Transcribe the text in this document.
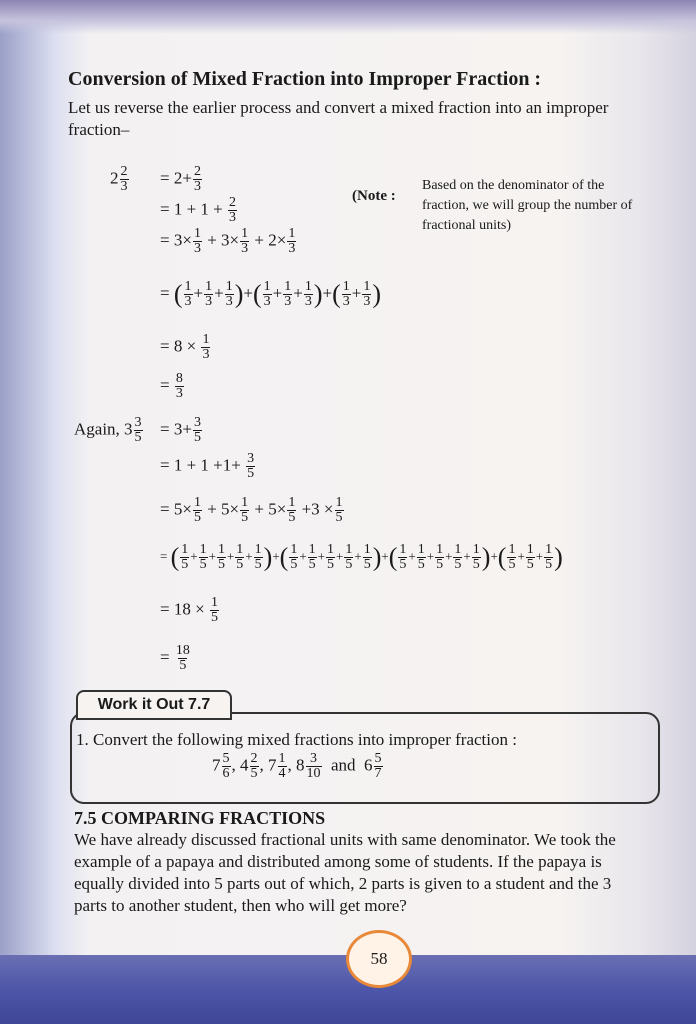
Conversion of Mixed Fraction into Improper Fraction :
Let us reverse the earlier process and convert a mixed fraction into an improper
fraction–
$2 \frac{2}{3} = 2+ \frac{2}{3}$
= $1 + 1 + \frac{2}{3}$
= $3\times \frac{1}{3} + 3\times \frac{1}{3} + 2\times \frac{1}{3}$
(Note :
Based on the denominator of the
fraction, we will group the number of
fractional units)
= ( $\frac{1}{3} + \frac{1}{3} + \frac{1}{3}$ )+( $\frac{1}{3} + \frac{1}{3} + \frac{1}{3}$ )+( $\frac{1}{3} + \frac{1}{3}$ )
= $8 \times \frac{1}{3}$
= $\frac{8}{3}$
Again, $3 \frac{3}{5} = 3+ \frac{3}{5}$
= $1 + 1 +1+ \frac{3}{5}$
= $5\times \frac{1}{5} + 5\times \frac{1}{5} + 5\times \frac{1}{5} +3 \times \frac{1}{5}$
= ( $\frac{1}{5} + \frac{1}{5} + \frac{1}{5} + \frac{1}{5} + \frac{1}{5}$ )+( $\frac{1}{5} + \frac{1}{5} + \frac{1}{5} + \frac{1}{5} + \frac{1}{5}$ )+( $\frac{1}{5} + \frac{1}{5} + \frac{1}{5} + \frac{1}{5} + \frac{1}{5}$ )+( $\frac{1}{5} + \frac{1}{5} + \frac{1}{5}$ )
= $18 \times \frac{1}{5}$
= $\frac{18}{5}$
Work it Out 7.7
1. Convert the following mixed fractions into improper fraction :
$7 \frac{5}{6}$ , $4 \frac{2}{5}$ , $7 \frac{1}{4}$ , $8 \frac{3}{10}$ and $6 \frac{5}{7}$
7.5 COMPARING FRACTIONS
We have already discussed fractional units with same denominator. We took the
example of a papaya and distributed among some of students. If the papaya is
equally divided into 5 parts out of which, 2 parts is given to a student and the 3
parts to another student, then who will get more?
58
